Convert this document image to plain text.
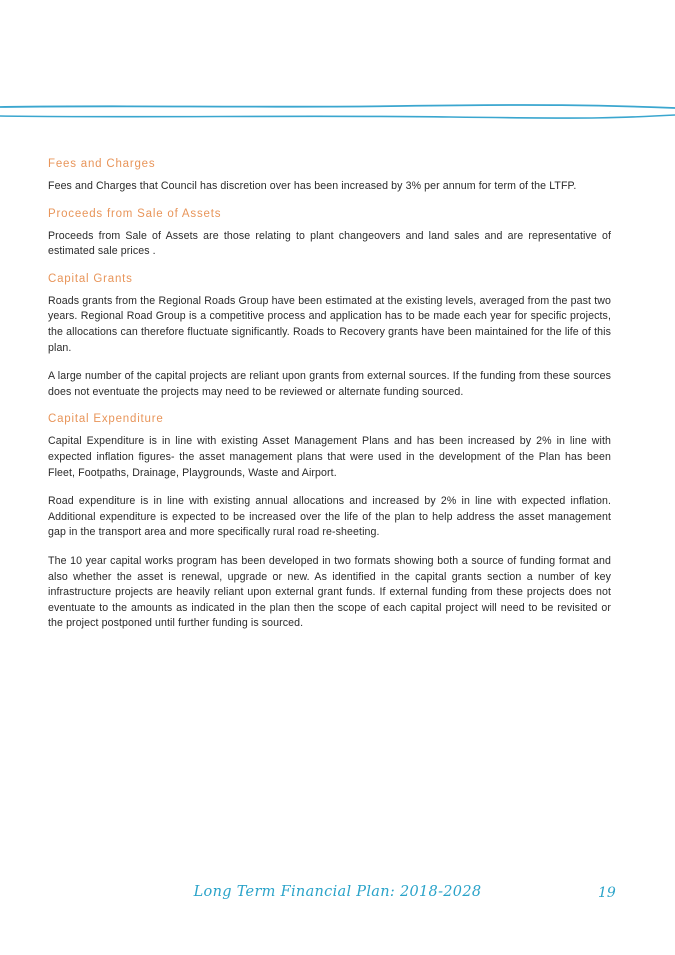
Fees and Charges

Fees and Charges that Council has discretion over has been increased by 3% per annum for term of the LTFP.

Proceeds from Sale of Assets

Proceeds from Sale of Assets are those relating to plant changeovers and land sales and are representative of estimated sale prices .

Capital Grants

Roads grants from the Regional Roads Group have been estimated at the existing levels, averaged from the past two years. Regional Road Group is a competitive process and application has to be made each year for specific projects, the allocations can therefore fluctuate significantly. Roads to Recovery grants have been maintained for the life of this plan.

A large number of the capital projects are reliant upon grants from external sources. If the funding from these sources does not eventuate the projects may need to be reviewed or alternate funding sourced.

Capital Expenditure

Capital Expenditure is in line with existing Asset Management Plans and has been increased by 2% in line with expected inflation figures- the asset management plans that were used in the development of the Plan has been Fleet, Footpaths, Drainage, Playgrounds, Waste and Airport.

Road expenditure is in line with existing annual allocations and increased by 2% in line with expected inflation. Additional expenditure is expected to be increased over the life of the plan to help address the asset management gap in the transport area and more specifically rural road re-sheeting.

The 10 year capital works program has been developed in two formats showing both a source of funding format and also whether the asset is renewal, upgrade or new. As identified in the capital grants section a number of key infrastructure projects are heavily reliant upon external grant funds. If external funding from these projects does not eventuate to the amounts as indicated in the plan then the scope of each capital project will need to be revisited or the project postponed until further funding is sourced.

Long Term Financial Plan: 2018-2028	19
